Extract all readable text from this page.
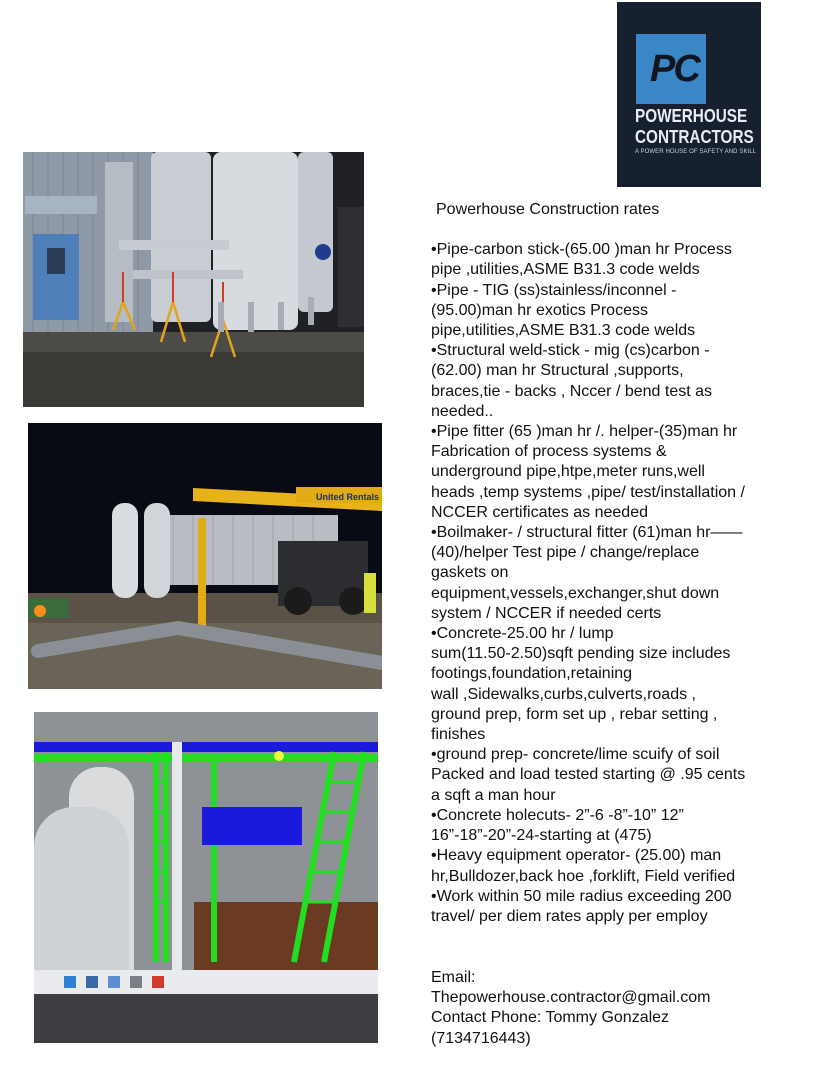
PC
POWERHOUSE
CONTRACTORS
A POWER HOUSE OF SAFETY AND SKILL
United Rentals
Powerhouse Construction rates
•Pipe-carbon stick-(65.00 )man hr Process
pipe ,utilities,ASME B31.3 code welds
•Pipe - TIG (ss)stainless/inconnel -
(95.00)man hr exotics Process
pipe,utilities,ASME B31.3 code welds
•Structural weld-stick - mig (cs)carbon -
(62.00) man hr Structural ,supports,
braces,tie - backs , Nccer / bend test as
needed..
•Pipe fitter (65 )man hr /. helper-(35)man hr
Fabrication of process systems &
underground pipe,htpe,meter runs,well
heads ,temp systems ,pipe/ test/installation /
NCCER certificates as needed
•Boilmaker- / structural fitter (61)man hr——
(40)/helper Test pipe / change/replace
gaskets on
equipment,vessels,exchanger,shut down
system / NCCER if needed certs
•Concrete-25.00 hr / lump
sum(11.50-2.50)sqft pending size includes
footings,foundation,retaining
wall ,Sidewalks,curbs,culverts,roads ,
ground prep, form set up , rebar setting ,
finishes
•ground prep- concrete/lime scuify of soil
Packed and load tested starting @ .95 cents
a sqft a man hour
•Concrete holecuts- 2”-6 -8”-10” 12”
16”-18”-20”-24-starting at (475)
•Heavy equipment operator- (25.00) man
hr,Bulldozer,back hoe ,forklift, Field verified
•Work within 50 mile radius exceeding 200
travel/ per diem rates apply per employ
Email:
Thepowerhouse.contractor@gmail.com
Contact Phone: Tommy Gonzalez
(7134716443)
